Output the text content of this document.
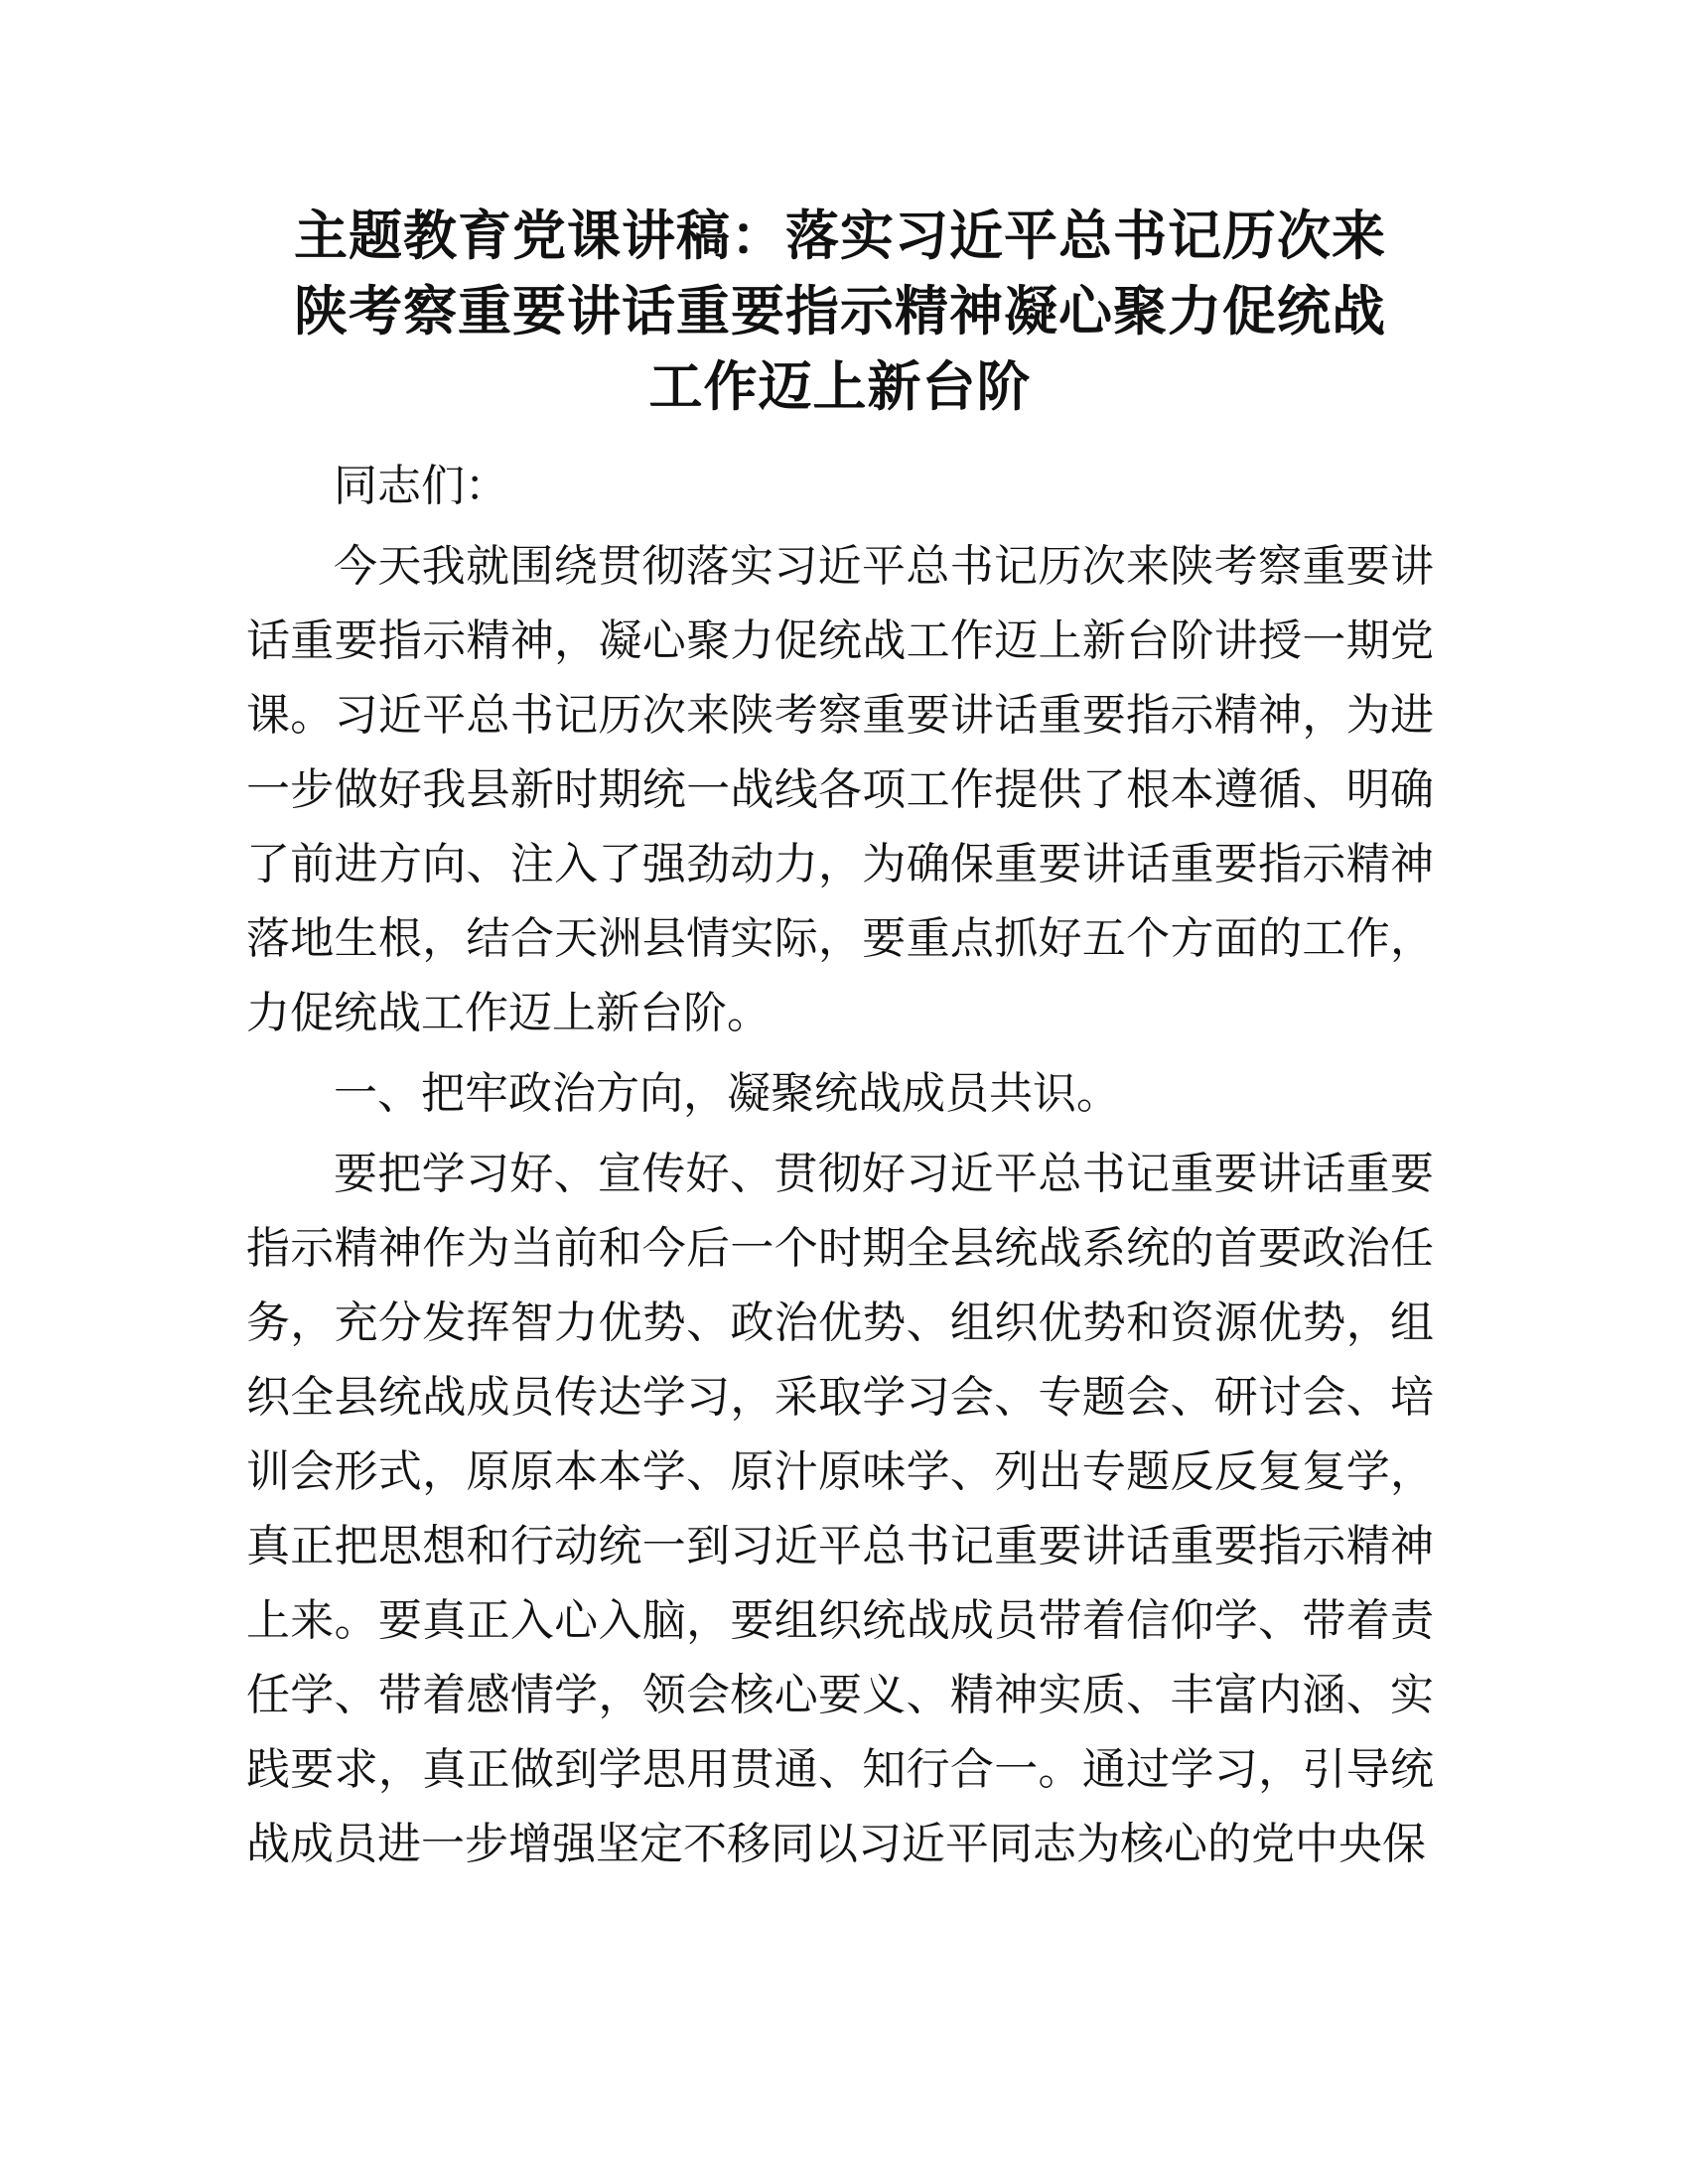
主题教育党课讲稿：落实习近平总书记历次来
陕考察重要讲话重要指示精神凝心聚力促统战
工作迈上新台阶

同志们：

今天我就围绕贯彻落实习近平总书记历次来陕考察重要讲话重要指示精神，凝心聚力促统战工作迈上新台阶讲授一期党课。习近平总书记历次来陕考察重要讲话重要指示精神，为进一步做好我县新时期统一战线各项工作提供了根本遵循、明确了前进方向、注入了强劲动力，为确保重要讲话重要指示精神落地生根，结合天洲县情实际，要重点抓好五个方面的工作，力促统战工作迈上新台阶。

一、把牢政治方向，凝聚统战成员共识。

要把学习好、宣传好、贯彻好习近平总书记重要讲话重要指示精神作为当前和今后一个时期全县统战系统的首要政治任务，充分发挥智力优势、政治优势、组织优势和资源优势，组织全县统战成员传达学习，采取学习会、专题会、研讨会、培训会形式，原原本本学、原汁原味学、列出专题反反复复学，真正把思想和行动统一到习近平总书记重要讲话重要指示精神上来。要真正入心入脑，要组织统战成员带着信仰学、带着责任学、带着感情学，领会核心要义、精神实质、丰富内涵、实践要求，真正做到学思用贯通、知行合一。通过学习，引导统战成员进一步增强坚定不移同以习近平同志为核心的党中央保
